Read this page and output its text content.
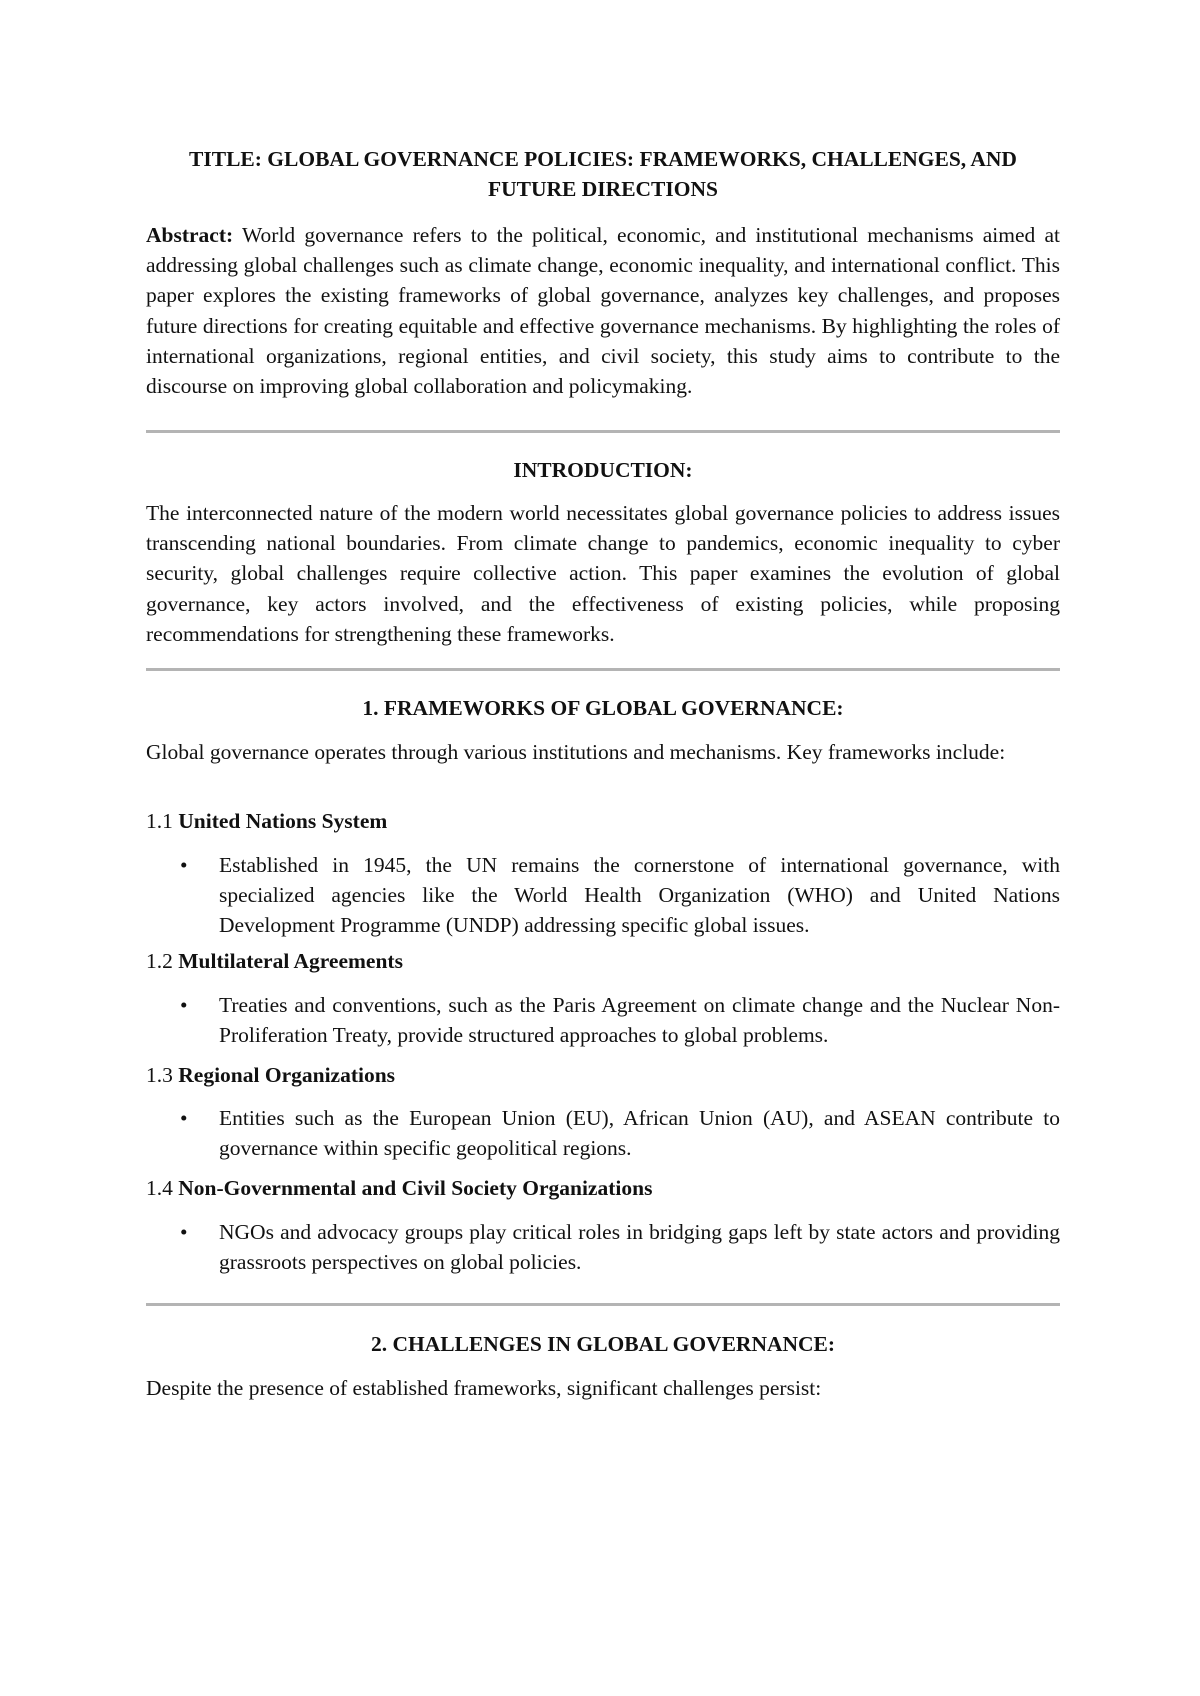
TITLE: GLOBAL GOVERNANCE POLICIES: FRAMEWORKS, CHALLENGES, AND FUTURE DIRECTIONS

Abstract: World governance refers to the political, economic, and institutional mechanisms aimed at addressing global challenges such as climate change, economic inequality, and international conflict. This paper explores the existing frameworks of global governance, analyzes key challenges, and proposes future directions for creating equitable and effective governance mechanisms. By highlighting the roles of international organizations, regional entities, and civil society, this study aims to contribute to the discourse on improving global collaboration and policymaking.

INTRODUCTION:

The interconnected nature of the modern world necessitates global governance policies to address issues transcending national boundaries. From climate change to pandemics, economic inequality to cyber security, global challenges require collective action. This paper examines the evolution of global governance, key actors involved, and the effectiveness of existing policies, while proposing recommendations for strengthening these frameworks.

1. FRAMEWORKS OF GLOBAL GOVERNANCE:

Global governance operates through various institutions and mechanisms. Key frameworks include:

1.1 United Nations System

• Established in 1945, the UN remains the cornerstone of international governance, with specialized agencies like the World Health Organization (WHO) and United Nations Development Programme (UNDP) addressing specific global issues.

1.2 Multilateral Agreements

• Treaties and conventions, such as the Paris Agreement on climate change and the Nuclear Non-Proliferation Treaty, provide structured approaches to global problems.

1.3 Regional Organizations

• Entities such as the European Union (EU), African Union (AU), and ASEAN contribute to governance within specific geopolitical regions.

1.4 Non-Governmental and Civil Society Organizations

• NGOs and advocacy groups play critical roles in bridging gaps left by state actors and providing grassroots perspectives on global policies.

2. CHALLENGES IN GLOBAL GOVERNANCE:

Despite the presence of established frameworks, significant challenges persist:
